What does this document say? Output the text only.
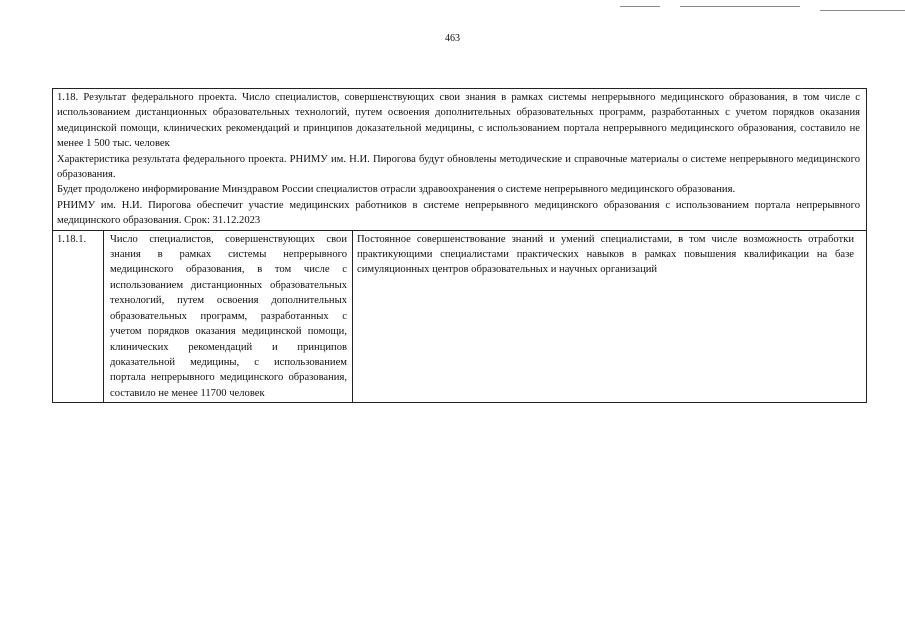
463

1.18. Результат федерального проекта. Число специалистов, совершенствующих свои знания в рамках системы непрерывного медицинского образования, в том числе с использованием дистанционных образовательных технологий, путем освоения дополнительных образовательных программ, разработанных с учетом порядков оказания медицинской помощи, клинических рекомендаций и принципов доказательной медицины, с использованием портала непрерывного медицинского образования, составило не менее 1 500 тыс. человек

Характеристика результата федерального проекта. РНИМУ им. Н.И. Пирогова будут обновлены методические и справочные материалы о системе непрерывного медицинского образования.

Будет продолжено информирование Минздравом России специалистов отрасли здравоохранения о системе непрерывного медицинского образования.

РНИМУ им. Н.И. Пирогова обеспечит участие медицинских работников в системе непрерывного медицинского образования с использованием портала непрерывного медицинского образования. Срок: 31.12.2023

1.18.1.	Число специалистов, совершенствующих свои знания в рамках системы непрерывного медицинского образования, в том числе с использованием дистанционных образовательных технологий, путем освоения дополнительных образовательных программ, разработанных с учетом порядков оказания медицинской помощи, клинических рекомендаций и принципов доказательной медицины, с использованием портала непрерывного медицинского образования, составило не менее 11700 человек
Постоянное совершенствование знаний и умений специалистами, в том числе возможность отработки практикующими специалистами практических навыков в рамках повышения квалификации на базе симуляционных центров образовательных и научных организаций
